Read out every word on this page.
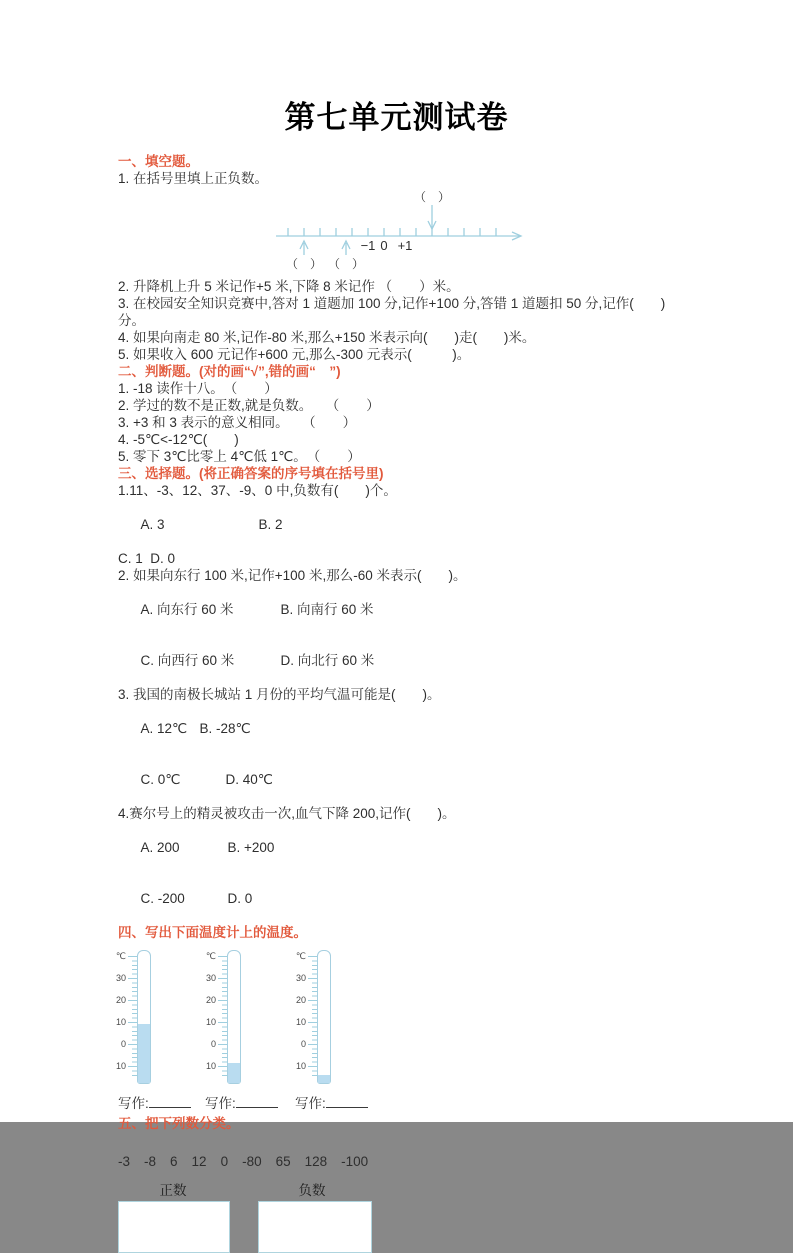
第七单元测试卷
一、填空题。
1. 在括号里填上正负数。
−1 0 +1
（　）
（　） （　）
2. 升降机上升 5 米记作+5 米,下降 8 米记作 （　　）米。
3. 在校园安全知识竞赛中,答对 1 道题加 100 分,记作+100 分,答错 1 道题扣 50 分,记作(　　)
分。
4. 如果向南走 80 米,记作-80 米,那么+150 米表示向(　　)走(　　)米。
5. 如果收入 600 元记作+600 元,那么-300 元表示(　　　)。
二、判断题。(对的画“√”,错的画“　”)
1. -18 读作十八。　（　　）
2. 学过的数不是正数,就是负数。　　（　　）
3. +3 和 3 表示的意义相同。　　（　　）
4. -5℃<-12℃(　　)
5. 零下 3℃比零上 4℃低 1℃。　（　　）
三、选择题。(将正确答案的序号填在括号里)
1.11、-3、12、37、-9、0 中,负数有(　　)个。

A. 3	B. 2

C. 1  D. 0
2. 如果向东行 100 米,记作+100 米,那么-60 米表示(　　)。

A. 向东行 60 米	B. 向南行 60 米

C. 向西行 60 米	D. 向北行 60 米

3. 我国的南极长城站 1 月份的平均气温可能是(　　)。

A. 12℃ B. -28℃

C. 0℃	D. 40℃

4.赛尔号上的精灵被攻击一次,血气下降 200,记作(　　)。

A. 200	B. +200

C. -200	D. 0

四、写出下面温度计上的温度。
℃
30
20
10
0
10
℃
30
20
10
0
10
℃
30
20
10
0
10
写作:	写作:	写作:
五、把下列数分类。
-3 -8 6 12 0 -80 65 128 -100
正数	负数
